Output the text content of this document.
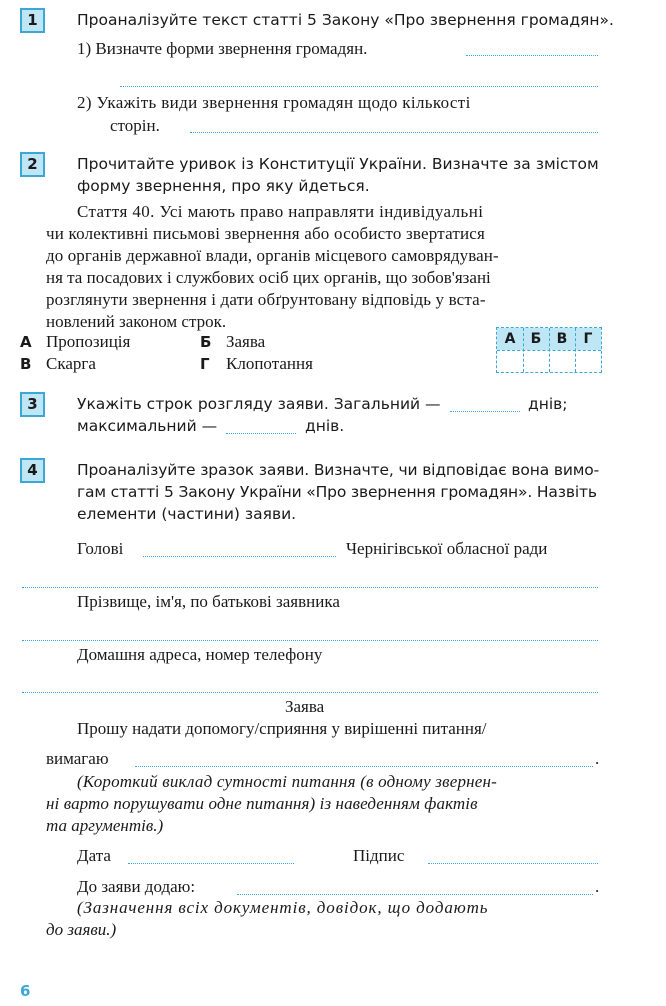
1	Проаналізуйте текст статті 5 Закону «Про звернення громадян».
1) Визначте форми звернення громадян.
2) Укажіть види звернення громадян щодо кількості
сторін.
2	Прочитайте уривок із Конституції України. Визначте за змістом
форму звернення, про яку йдеться.
Стаття 40. Усі мають право направляти індивідуальні
чи колективні письмові звернення або особисто звертатися
до органів державної влади, органів місцевого самоврядуван-
ня та посадових і службових осіб цих органів, що зобов'язані
розглянути звернення і дати обґрунтовану відповідь у вста-
новлений законом строк.
А Пропозиція	Б Заява
В Скарга	Г Клопотання
А	Б	В	Г
3	Укажіть строк розгляду заяви. Загальний —	днів;
максимальний —	днів.
4	Проаналізуйте зразок заяви. Визначте, чи відповідає вона вимо-
гам статті 5 Закону України «Про звернення громадян». Назвіть
елементи (частини) заяви.
Голові	Чернігівської обласної ради
Прізвище, ім'я, по батькові заявника
Домашня адреса, номер телефону
Заява
Прошу надати допомогу/сприяння у вирішенні питання/
вимагаю	.
(Короткий виклад сутності питання (в одному звернен-
ні варто порушувати одне питання) із наведенням фактів
та аргументів.)
Дата	Підпис
До заяви додаю:	.
(Зазначення всіх документів, довідок, що додають
до заяви.)
6
